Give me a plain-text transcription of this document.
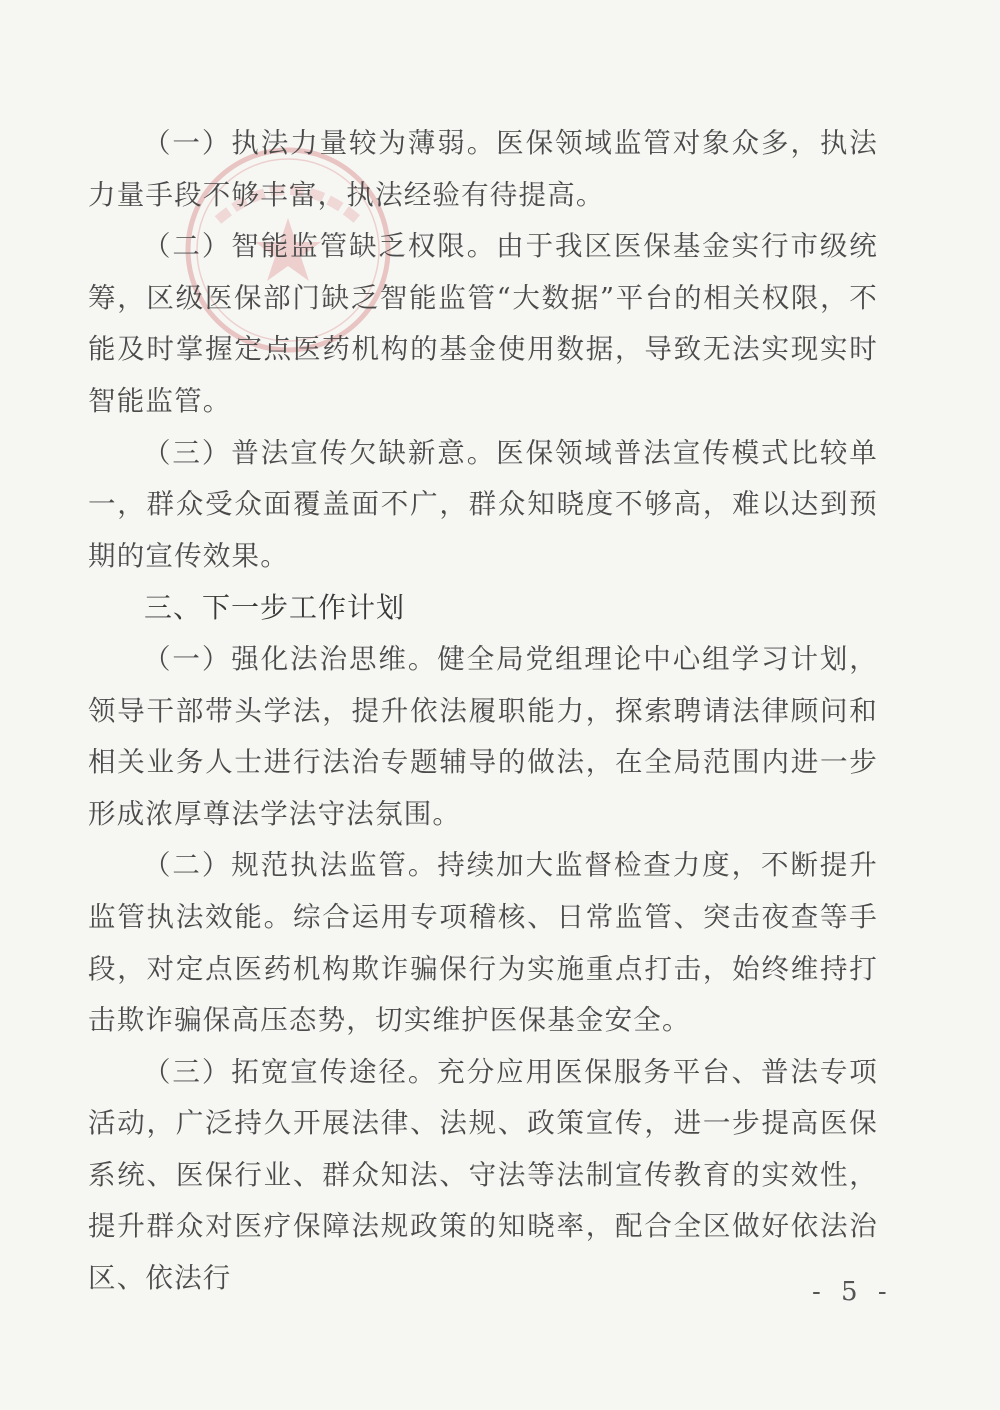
（一）执法力量较为薄弱。医保领域监管对象众多，执法力量手段不够丰富，执法经验有待提高。

（二）智能监管缺乏权限。由于我区医保基金实行市级统筹，区级医保部门缺乏智能监管“大数据”平台的相关权限，不能及时掌握定点医药机构的基金使用数据，导致无法实现实时智能监管。

（三）普法宣传欠缺新意。医保领域普法宣传模式比较单一，群众受众面覆盖面不广，群众知晓度不够高，难以达到预期的宣传效果。

三、下一步工作计划

（一）强化法治思维。健全局党组理论中心组学习计划，领导干部带头学法，提升依法履职能力，探索聘请法律顾问和相关业务人士进行法治专题辅导的做法，在全局范围内进一步形成浓厚尊法学法守法氛围。

（二）规范执法监管。持续加大监督检查力度，不断提升监管执法效能。综合运用专项稽核、日常监管、突击夜查等手段，对定点医药机构欺诈骗保行为实施重点打击，始终维持打击欺诈骗保高压态势，切实维护医保基金安全。

（三）拓宽宣传途径。充分应用医保服务平台、普法专项活动，广泛持久开展法律、法规、政策宣传，进一步提高医保系统、医保行业、群众知法、守法等法制宣传教育的实效性，提升群众对医疗保障法规政策的知晓率，配合全区做好依法治区、依法行	- 5 -
